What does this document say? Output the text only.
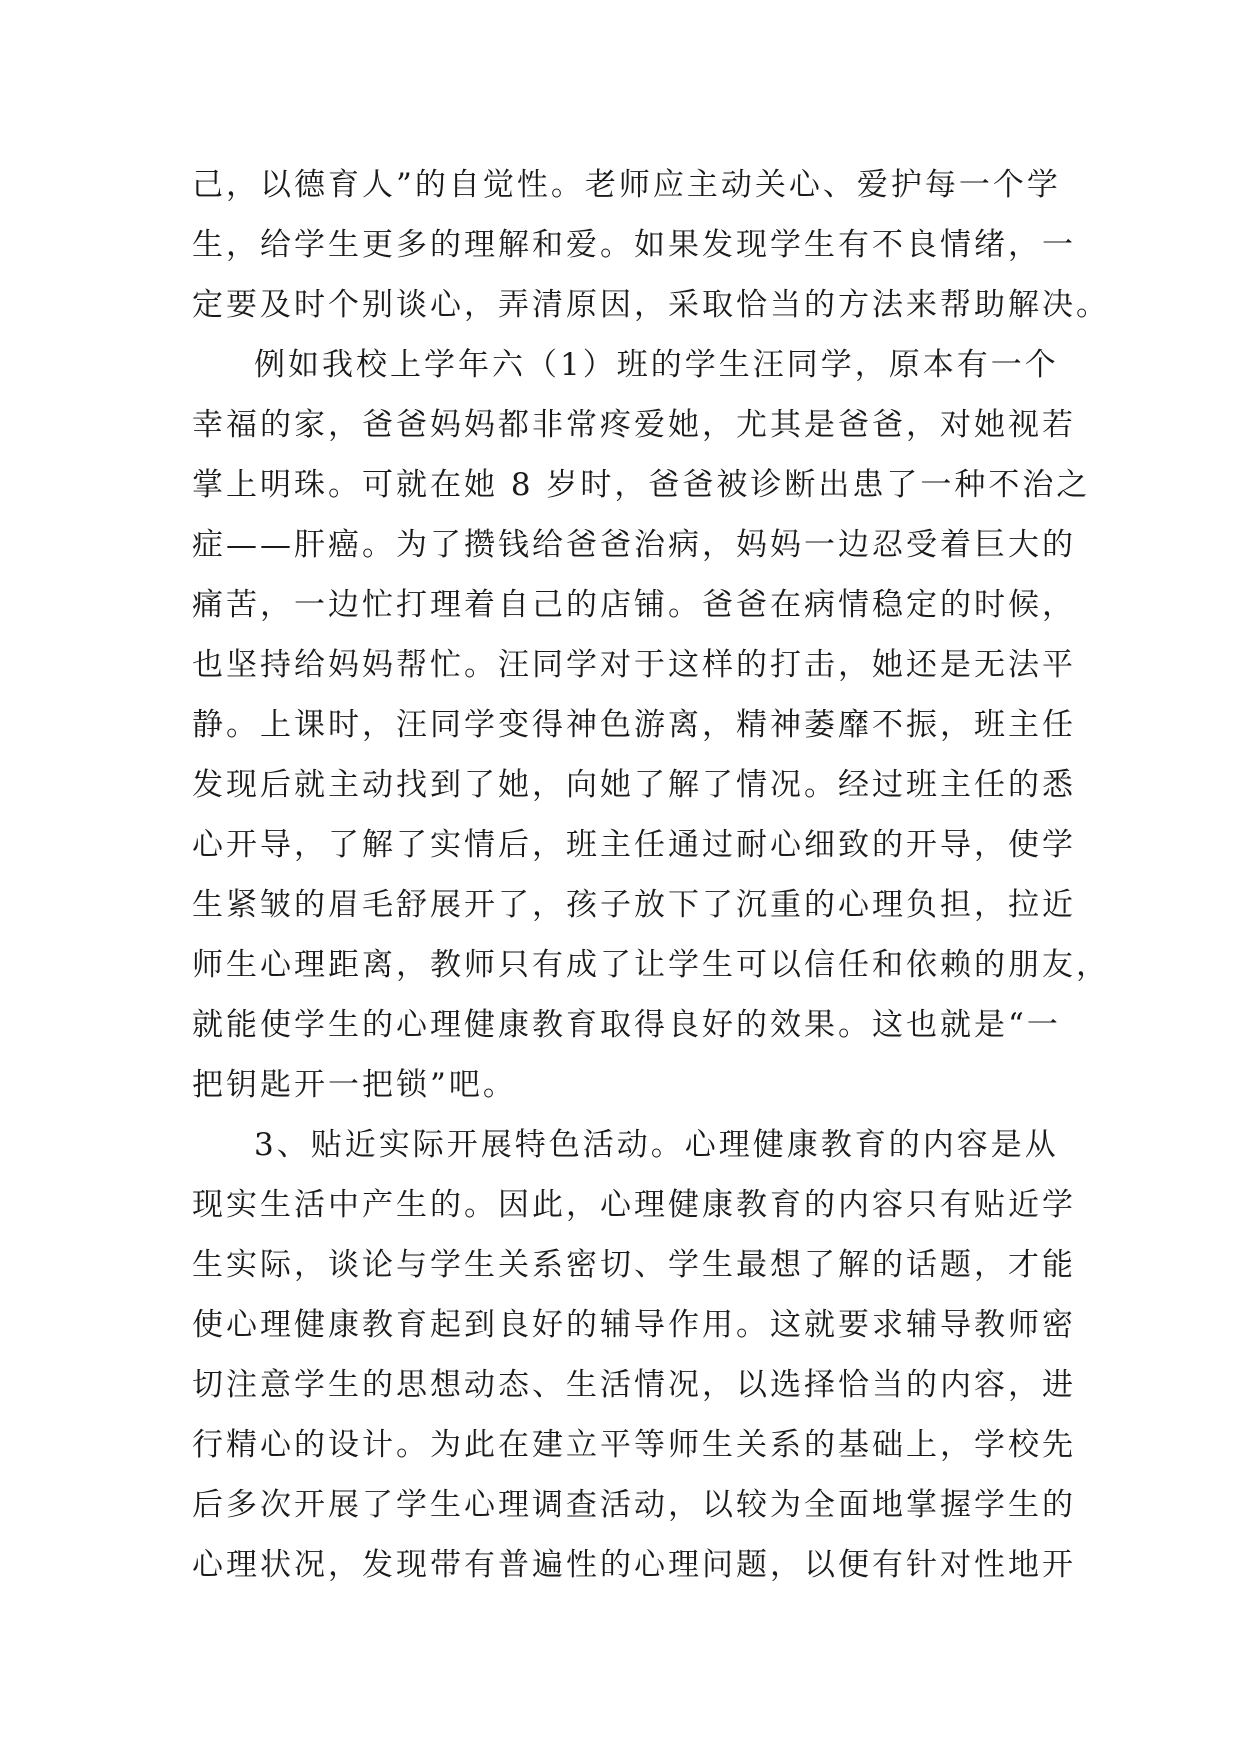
己，以德育人”的自觉性。老师应主动关心、爱护每一个学
生，给学生更多的理解和爱。如果发现学生有不良情绪，一
定要及时个别谈心，弄清原因，采取恰当的方法来帮助解决。
例如我校上学年六（1）班的学生汪同学，原本有一个
幸福的家，爸爸妈妈都非常疼爱她，尤其是爸爸，对她视若
掌上明珠。可就在她 8 岁时，爸爸被诊断出患了一种不治之
症——肝癌。为了攒钱给爸爸治病，妈妈一边忍受着巨大的
痛苦，一边忙打理着自己的店铺。爸爸在病情稳定的时候，
也坚持给妈妈帮忙。汪同学对于这样的打击，她还是无法平
静。上课时，汪同学变得神色游离，精神萎靡不振，班主任
发现后就主动找到了她，向她了解了情况。经过班主任的悉
心开导，了解了实情后，班主任通过耐心细致的开导，使学
生紧皱的眉毛舒展开了，孩子放下了沉重的心理负担，拉近
师生心理距离，教师只有成了让学生可以信任和依赖的朋友，
就能使学生的心理健康教育取得良好的效果。这也就是“一
把钥匙开一把锁”吧。
3、贴近实际开展特色活动。心理健康教育的内容是从
现实生活中产生的。因此，心理健康教育的内容只有贴近学
生实际，谈论与学生关系密切、学生最想了解的话题，才能
使心理健康教育起到良好的辅导作用。这就要求辅导教师密
切注意学生的思想动态、生活情况，以选择恰当的内容，进
行精心的设计。为此在建立平等师生关系的基础上，学校先
后多次开展了学生心理调查活动，以较为全面地掌握学生的
心理状况，发现带有普遍性的心理问题，以便有针对性地开
